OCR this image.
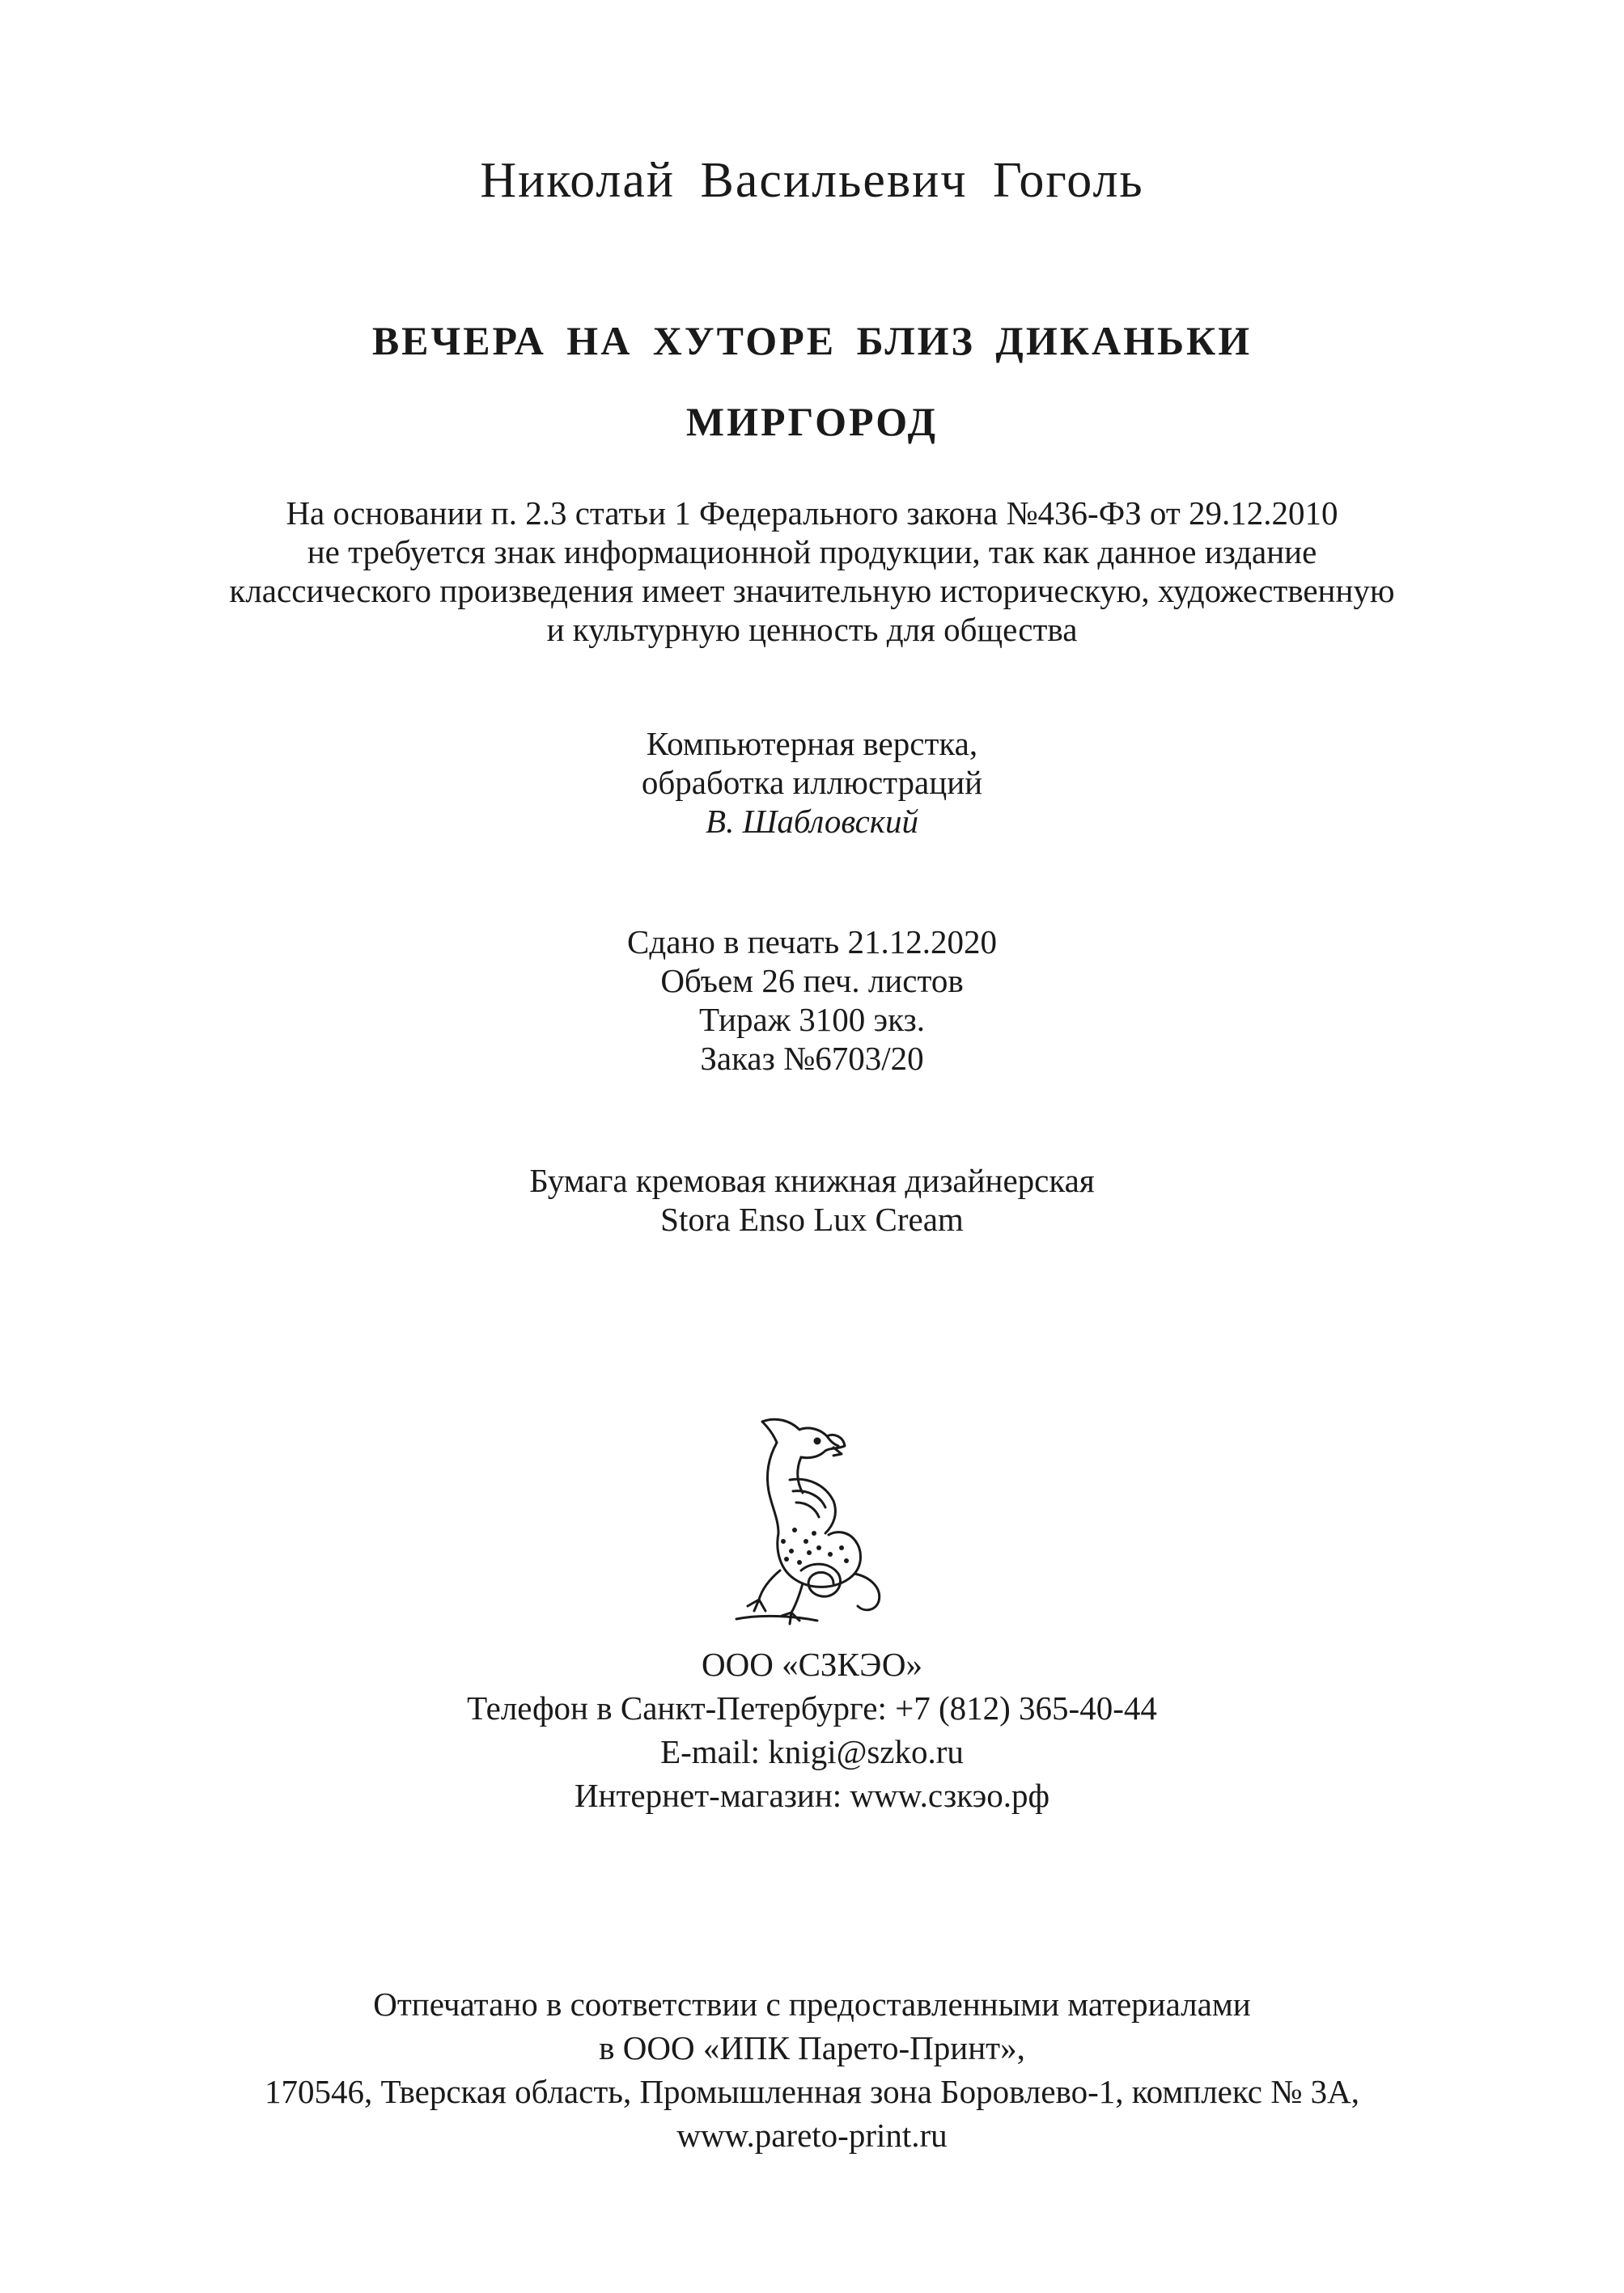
Николай Васильевич Гоголь
ВЕЧЕРА НА ХУТОРЕ БЛИЗ ДИКАНЬКИ
МИРГОРОД
На основании п. 2.3 статьи 1 Федерального закона №436-ФЗ от 29.12.2010
не требуется знак информационной продукции, так как данное издание
классического произведения имеет значительную историческую, художественную
и культурную ценность для общества
Компьютерная верстка,
обработка иллюстраций
В. Шабловский
Сдано в печать 21.12.2020
Объем 26 печ. листов
Тираж 3100 экз.
Заказ №6703/20
Бумага кремовая книжная дизайнерская
Stora Enso Lux Cream
ООО «СЗКЭО»
Телефон в Санкт-Петербурге: +7 (812) 365-40-44
E-mail: knigi@szko.ru
Интернет-магазин: www.сзкэо.рф
Отпечатано в соответствии с предоставленными материалами
в ООО «ИПК Парето-Принт»,
170546, Тверская область, Промышленная зона Боровлево-1, комплекс № 3А,
www.pareto-print.ru
